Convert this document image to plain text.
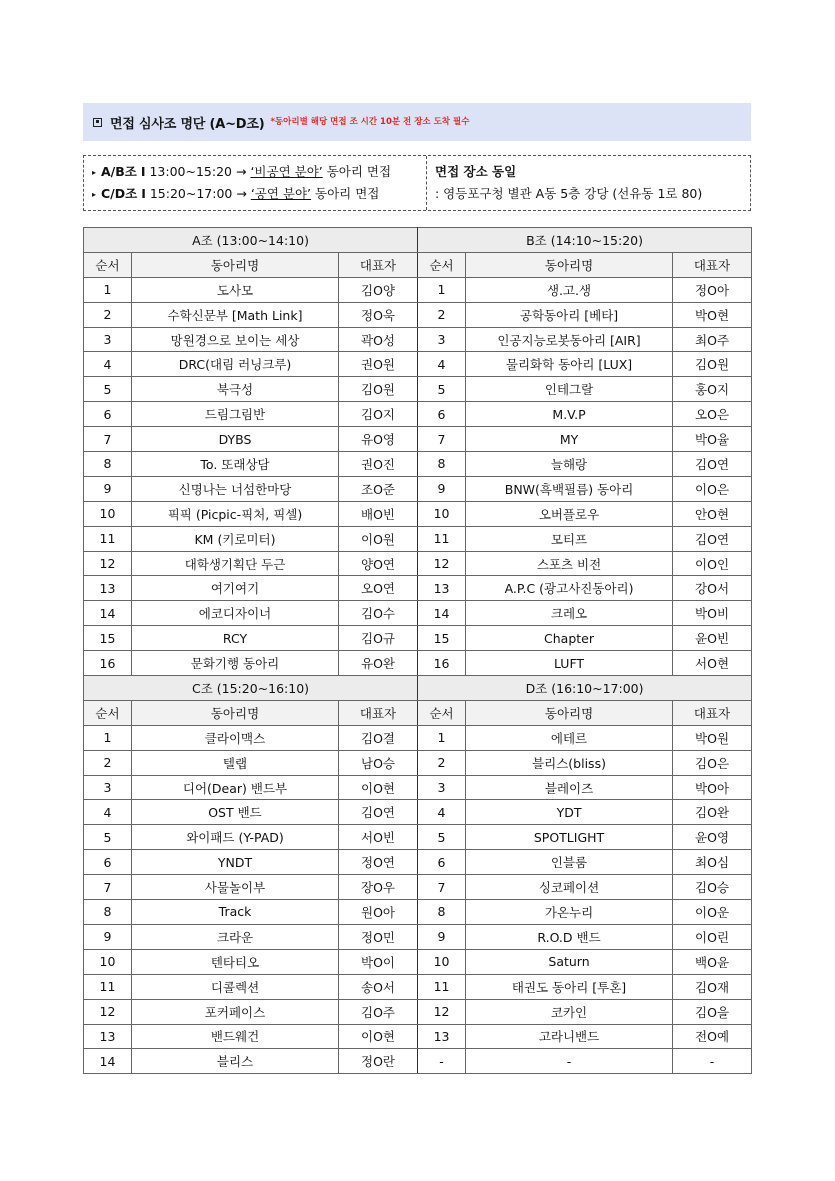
면접 심사조 명단 (A~D조) *동아리별 해당 면접 조 시간 10분 전 장소 도착 필수
▸ A/B조 I 13:00~15:20 → ‘비공연 분야’ 동아리 면접
▸ C/D조 I 15:20~17:00 → ‘공연 분야’ 동아리 면접
면접 장소 동일
: 영등포구청 별관 A동 5층 강당 (선유동 1로 80)
A조 (13:00~14:10)			B조 (14:10~15:20)		
순서	동아리명	대표자	순서	동아리명	대표자
1	도사모	김O양	1	생.고.생	정O아
2	수학신문부 [Math Link]	정O욱	2	공학동아리 [베타]	박O현
3	망원경으로 보이는 세상	곽O성	3	인공지능로봇동아리 [AIR]	최O주
4	DRC(대림 러닝크루)	권O원	4	물리화학 동아리 [LUX]	김O원
5	북극성	김O원	5	인테그랄	홍O지
6	드림그림반	김O지	6	M.V.P	오O은
7	DYBS	유O영	7	MY	박O율
8	To. 또래상담	권O진	8	늘해랑	김O연
9	신명나는 너섬한마당	조O준	9	BNW(흑백필름) 동아리	이O은
10	픽픽 (Picpic-픽처, 픽셀)	배O빈	10	오버플로우	안O현
11	KM (키로미터)	이O원	11	모티프	김O연
12	대학생기획단 두근	양O연	12	스포츠 비전	이O인
13	여기여기	오O연	13	A.P.C (광고사진동아리)	강O서
14	에코디자이너	김O수	14	크레오	박O비
15	RCY	김O규	15	Chapter	윤O빈
16	문화기행 동아리	유O완	16	LUFT	서O현
C조 (15:20~16:10)			D조 (16:10~17:00)		
순서	동아리명	대표자	순서	동아리명	대표자
1	클라이맥스	김O결	1	에테르	박O원
2	텔랩	남O승	2	블리스(bliss)	김O은
3	디어(Dear) 밴드부	이O현	3	블레이즈	박O아
4	OST 밴드	김O연	4	YDT	김O완
5	와이패드 (Y-PAD)	서O빈	5	SPOTLIGHT	윤O영
6	YNDT	정O연	6	인블룸	최O심
7	사물놀이부	장O우	7	싱코페이션	김O승
8	Track	원O아	8	가온누리	이O운
9	크라운	정O민	9	R.O.D 밴드	이O린
10	텐타티오	박O이	10	Saturn	백O윤
11	디콜렉션	송O서	11	태권도 동아리 [투혼]	김O재
12	포커페이스	김O주	12	코카인	김O을
13	밴드웨건	이O현	13	고라니밴드	전O예
14	블리스	정O란	-	-	-
